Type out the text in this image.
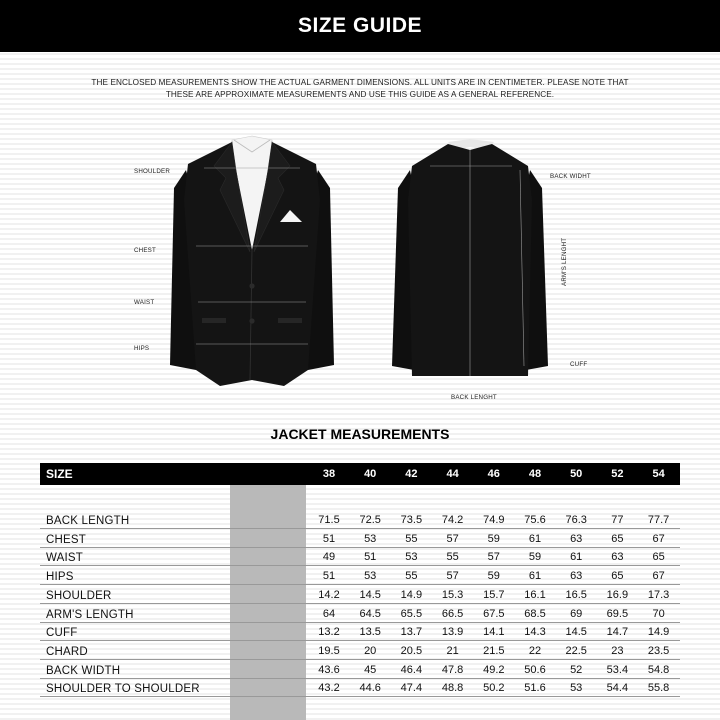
SIZE GUIDE
THE ENCLOSED MEASUREMENTS SHOW THE ACTUAL GARMENT DIMENSIONS. ALL UNITS ARE IN CENTIMETER. PLEASE NOTE THAT
THESE ARE APPROXIMATE MEASUREMENTS AND USE THIS GUIDE AS A GENERAL REFERENCE.
SHOULDER
CHEST
WAIST
HIPS
BACK WIDHT
ARM'S LENGHT
CUFF
BACK LENGHT
JACKET MEASUREMENTS
SIZE	38	40	42	44	46	48	50	52	54
BACK LENGTH	71.5	72.5	73.5	74.2	74.9	75.6	76.3	77	77.7
CHEST	51	53	55	57	59	61	63	65	67
WAIST	49	51	53	55	57	59	61	63	65
HIPS	51	53	55	57	59	61	63	65	67
SHOULDER	14.2	14.5	14.9	15.3	15.7	16.1	16.5	16.9	17.3
ARM'S LENGTH	64	64.5	65.5	66.5	67.5	68.5	69	69.5	70
CUFF	13.2	13.5	13.7	13.9	14.1	14.3	14.5	14.7	14.9
CHARD	19.5	20	20.5	21	21.5	22	22.5	23	23.5
BACK WIDTH	43.6	45	46.4	47.8	49.2	50.6	52	53.4	54.8
SHOULDER TO SHOULDER	43.2	44.6	47.4	48.8	50.2	51.6	53	54.4	55.8
